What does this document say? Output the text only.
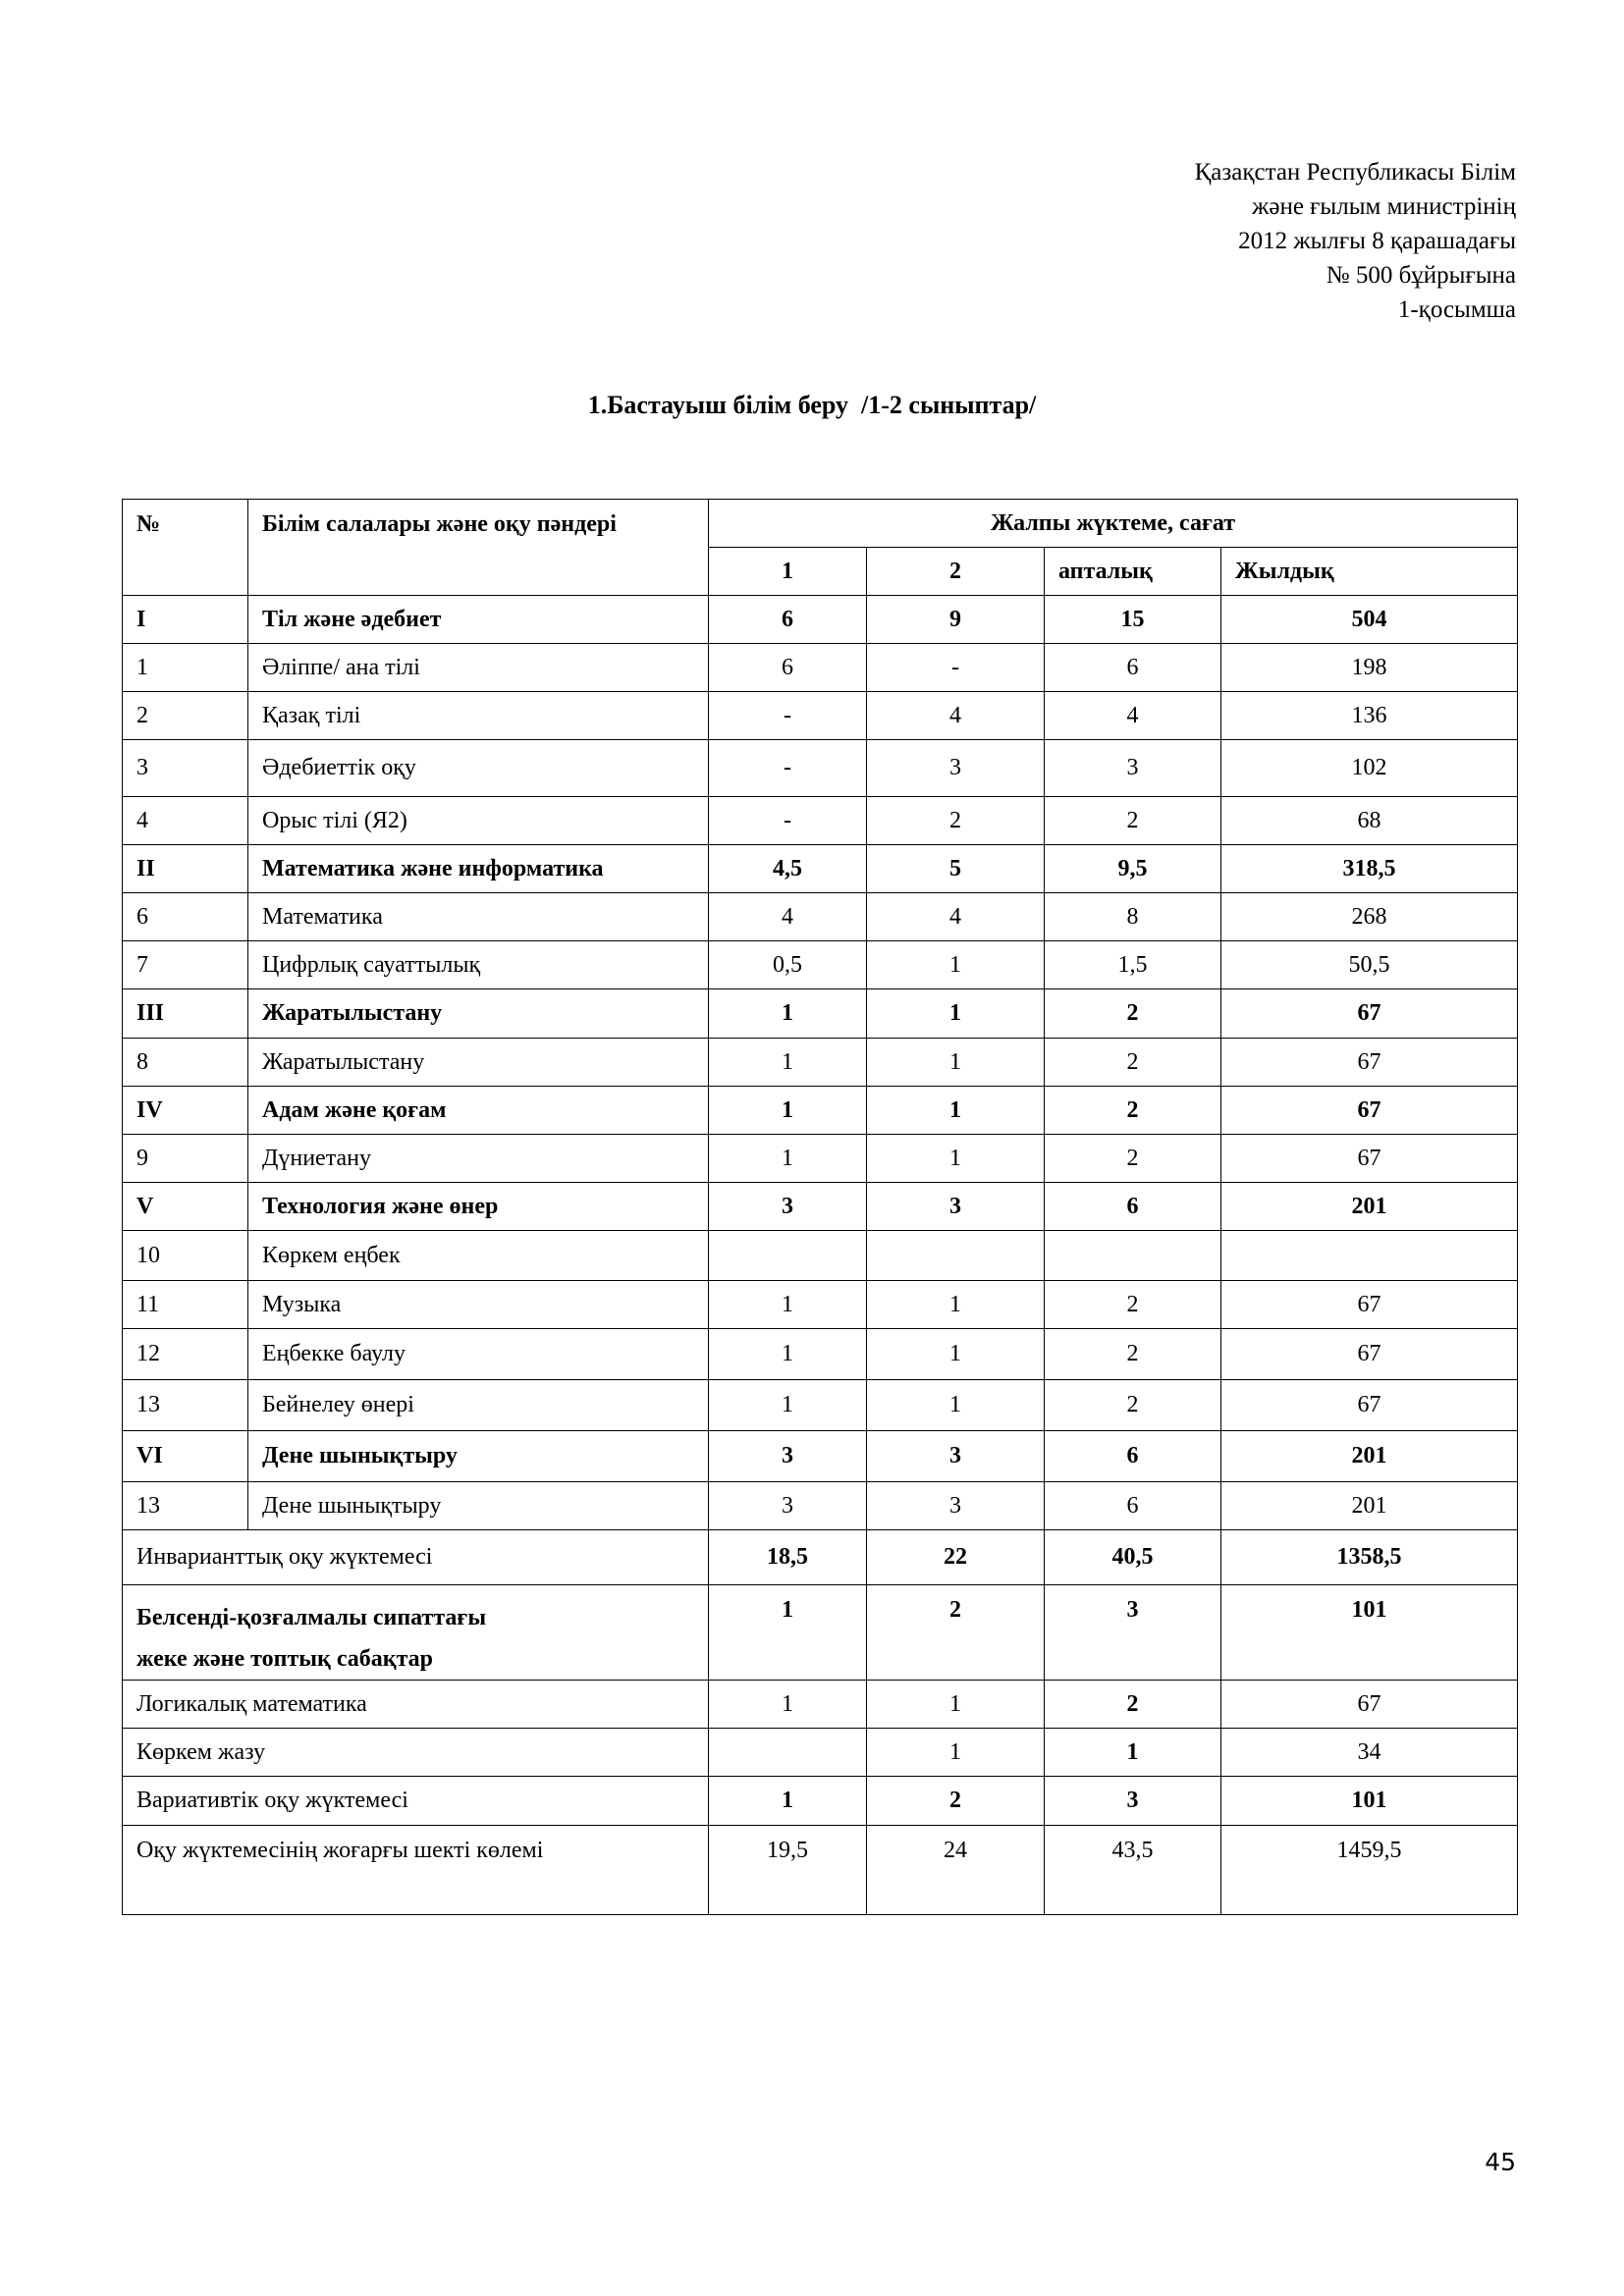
Қазақстан Республикасы Білім
және ғылым министрінің
2012 жылғы 8 қарашадағы
№ 500 бұйрығына
1-қосымша
1.Бастауыш білім беру  /1-2 сыныптар/
№	Білім салалары және оқу пәндері	Жалпы жүктеме, сағат			
		1	2	апталық	Жылдық
I	Тіл және әдебиет	6	9	15	504
1	Әліппе/ ана тілі	6	-	6	198
2	Қазақ тілі	-	4	4	136
3	Әдебиеттік оқу	-	3	3	102
4	Орыс тілі (Я2)	-	2	2	68
II	Математика және информатика	4,5	5	9,5	318,5
6	Математика	4	4	8	268
7	Цифрлық сауаттылық	0,5	1	1,5	50,5
III	Жаратылыстану	1	1	2	67
8	Жаратылыстану	1	1	2	67
IV	Адам және қоғам	1	1	2	67
9	Дүниетану	1	1	2	67
V	Технология және өнер	3	3	6	201
10	Көркем еңбек				
11	Музыка	1	1	2	67
12	Еңбекке баулу	1	1	2	67
13	Бейнелеу өнері	1	1	2	67
VI	Дене шынықтыру	3	3	6	201
13	Дене шынықтыру	3	3	6	201
Инварианттық оқу жүктемесі		18,5	22	40,5	1358,5

Белсенді-қозғалмалы сипаттағы
жеке және топтық сабақтар		1	2	3	101
Логикалық математика		1	1	2	67
Көркем жазу			1	1	34
Вариативтік оқу жүктемесі		1	2	3	101
Оқу жүктемесінің жоғарғы шекті көлемі		19,5	24	43,5	1459,5
45
